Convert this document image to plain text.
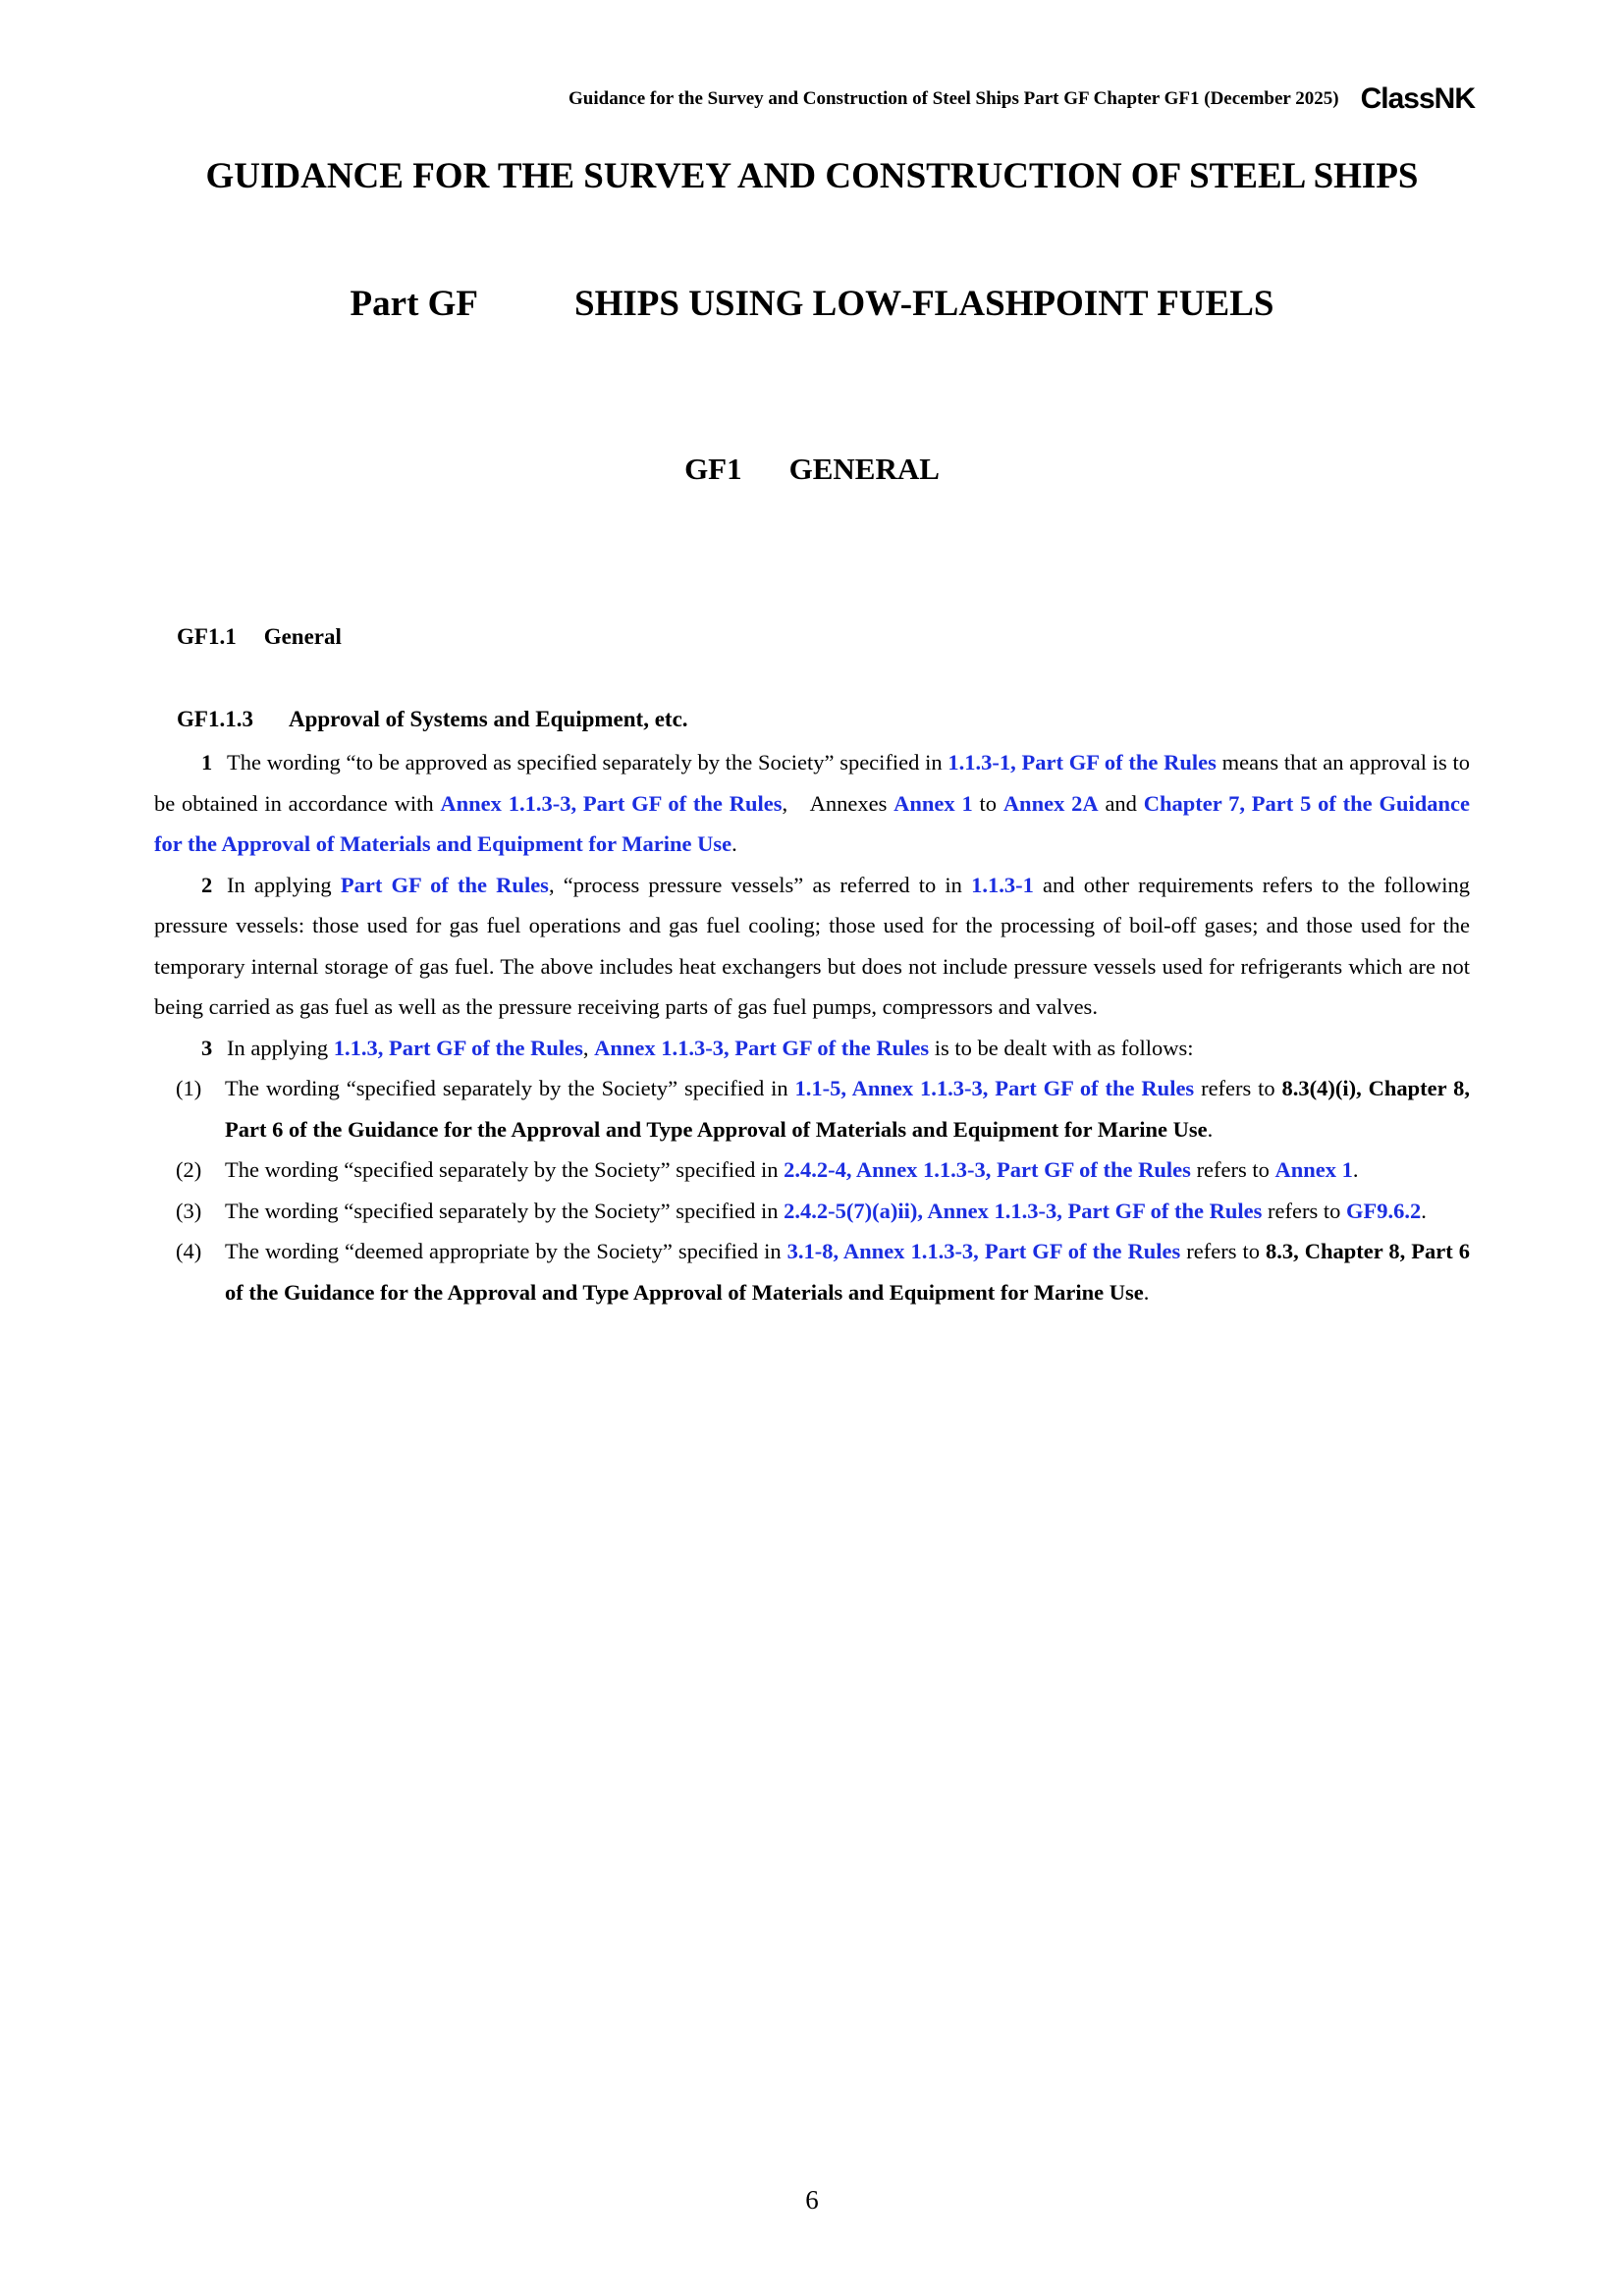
Guidance for the Survey and Construction of Steel Ships Part GF Chapter GF1 (December 2025) ClassNK
GUIDANCE FOR THE SURVEY AND CONSTRUCTION OF STEEL SHIPS
Part GF	SHIPS USING LOW-FLASHPOINT FUELS
GF1 GENERAL
GF1.1 General
GF1.1.3 Approval of Systems and Equipment, etc.

1 The wording “to be approved as specified separately by the Society” specified in 1.1.3-1, Part GF of the Rules means that an approval is to be obtained in accordance with Annex 1.1.3-3, Part GF of the Rules, Annexes Annex 1 to Annex 2A and Chapter 7, Part 5 of the Guidance for the Approval of Materials and Equipment for Marine Use.

2 In applying Part GF of the Rules, “process pressure vessels” as referred to in 1.1.3-1 and other requirements refers to the following pressure vessels: those used for gas fuel operations and gas fuel cooling; those used for the processing of boil-off gases; and those used for the temporary internal storage of gas fuel. The above includes heat exchangers but does not include pressure vessels used for refrigerants which are not being carried as gas fuel as well as the pressure receiving parts of gas fuel pumps, compressors and valves.

3 In applying 1.1.3, Part GF of the Rules, Annex 1.1.3-3, Part GF of the Rules is to be dealt with as follows:

(1)	The wording “specified separately by the Society” specified in 1.1-5, Annex 1.1.3-3, Part GF of the Rules refers to 8.3(4)(i), Chapter 8, Part 6 of the Guidance for the Approval and Type Approval of Materials and Equipment for Marine Use.
(2)	The wording “specified separately by the Society” specified in 2.4.2-4, Annex 1.1.3-3, Part GF of the Rules refers to Annex 1.
(3)	The wording “specified separately by the Society” specified in 2.4.2-5(7)(a)ii), Annex 1.1.3-3, Part GF of the Rules refers to GF9.6.2.
(4)	The wording “deemed appropriate by the Society” specified in 3.1-8, Annex 1.1.3-3, Part GF of the Rules refers to 8.3, Chapter 8, Part 6 of the Guidance for the Approval and Type Approval of Materials and Equipment for Marine Use.
6
